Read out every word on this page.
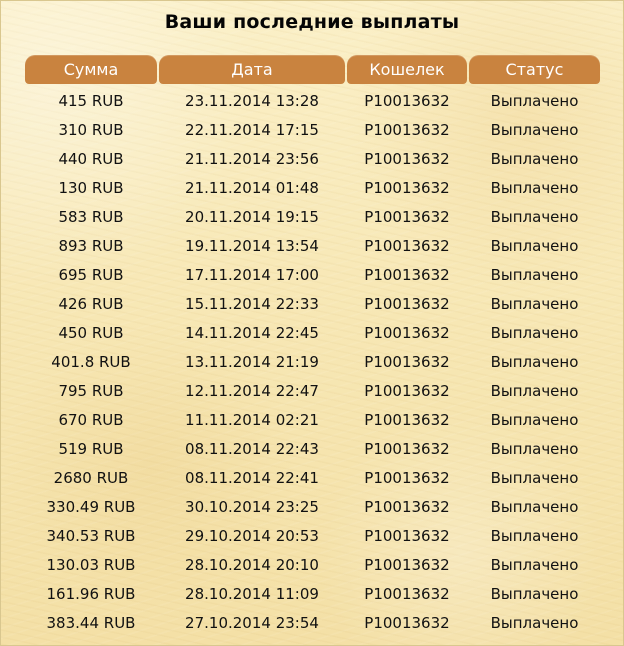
Ваши последние выплаты
Сумма	Дата	Кошелек	Статус
415 RUB	23.11.2014 13:28	P10013632	Выплачено
310 RUB	22.11.2014 17:15	P10013632	Выплачено
440 RUB	21.11.2014 23:56	P10013632	Выплачено
130 RUB	21.11.2014 01:48	P10013632	Выплачено
583 RUB	20.11.2014 19:15	P10013632	Выплачено
893 RUB	19.11.2014 13:54	P10013632	Выплачено
695 RUB	17.11.2014 17:00	P10013632	Выплачено
426 RUB	15.11.2014 22:33	P10013632	Выплачено
450 RUB	14.11.2014 22:45	P10013632	Выплачено
401.8 RUB	13.11.2014 21:19	P10013632	Выплачено
795 RUB	12.11.2014 22:47	P10013632	Выплачено
670 RUB	11.11.2014 02:21	P10013632	Выплачено
519 RUB	08.11.2014 22:43	P10013632	Выплачено
2680 RUB	08.11.2014 22:41	P10013632	Выплачено
330.49 RUB	30.10.2014 23:25	P10013632	Выплачено
340.53 RUB	29.10.2014 20:53	P10013632	Выплачено
130.03 RUB	28.10.2014 20:10	P10013632	Выплачено
161.96 RUB	28.10.2014 11:09	P10013632	Выплачено
383.44 RUB	27.10.2014 23:54	P10013632	Выплачено
